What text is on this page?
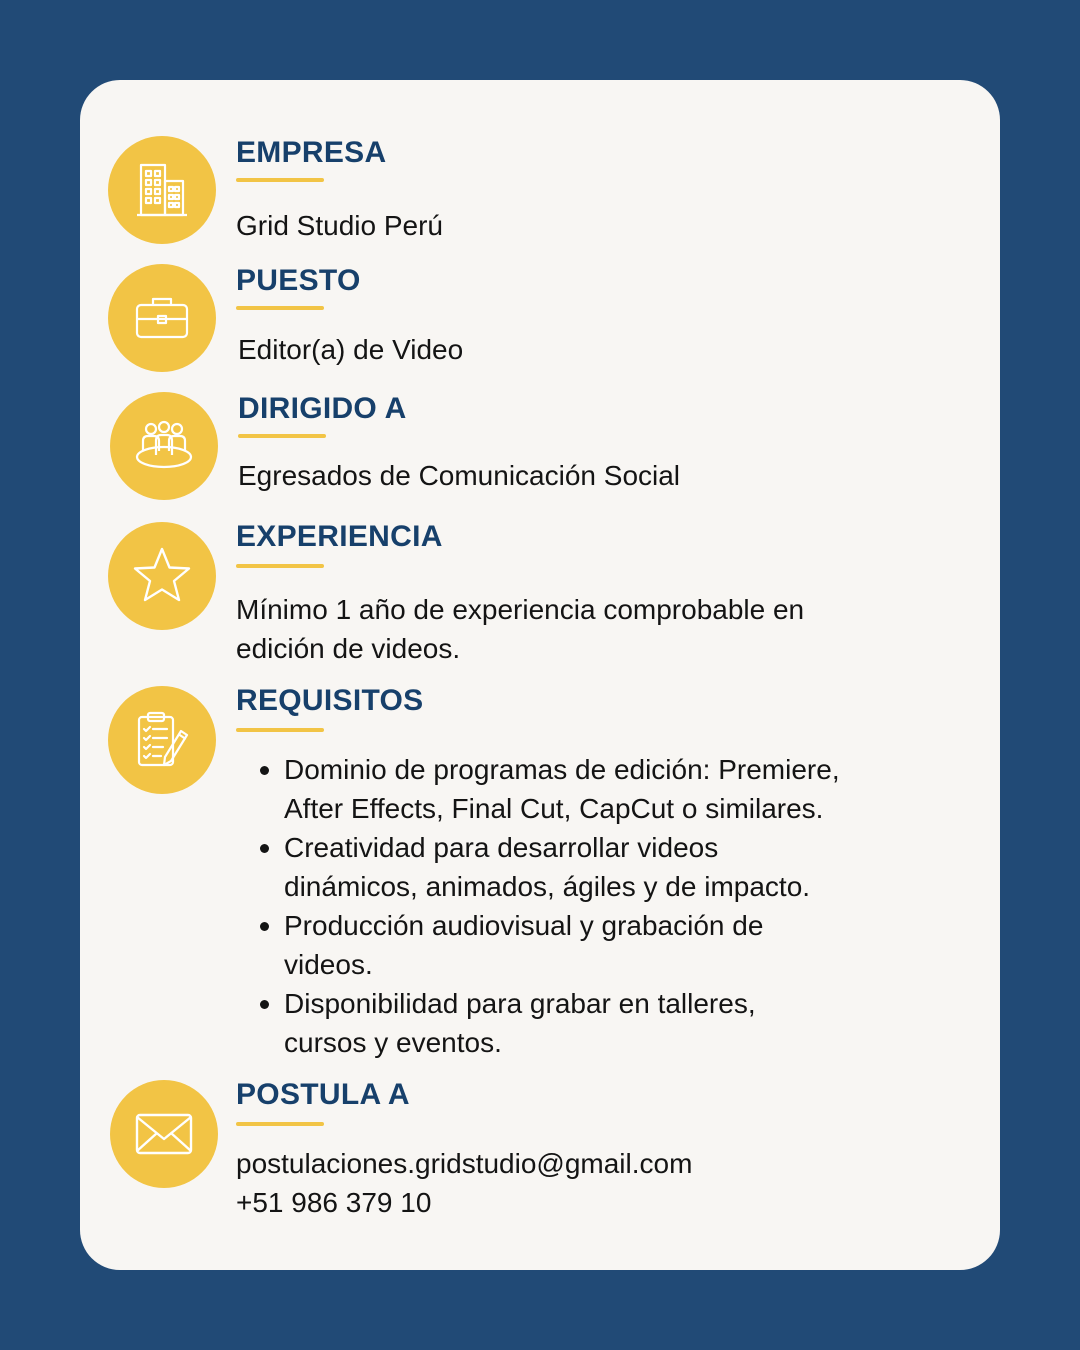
EMPRESA

Grid Studio Perú

PUESTO

Editor(a) de Video

DIRIGIDO A

Egresados de Comunicación Social

EXPERIENCIA

Mínimo 1 año de experiencia comprobable en
edición de videos.

REQUISITOS
Dominio de programas de edición: Premiere,
After Effects, Final Cut, CapCut o similares.
Creatividad para desarrollar videos
dinámicos, animados, ágiles y de impacto.
Producción audiovisual y grabación de
videos.
Disponibilidad para grabar en talleres,
cursos y eventos.
POSTULA A

postulaciones.gridstudio@gmail.com
+51 986 379 10
